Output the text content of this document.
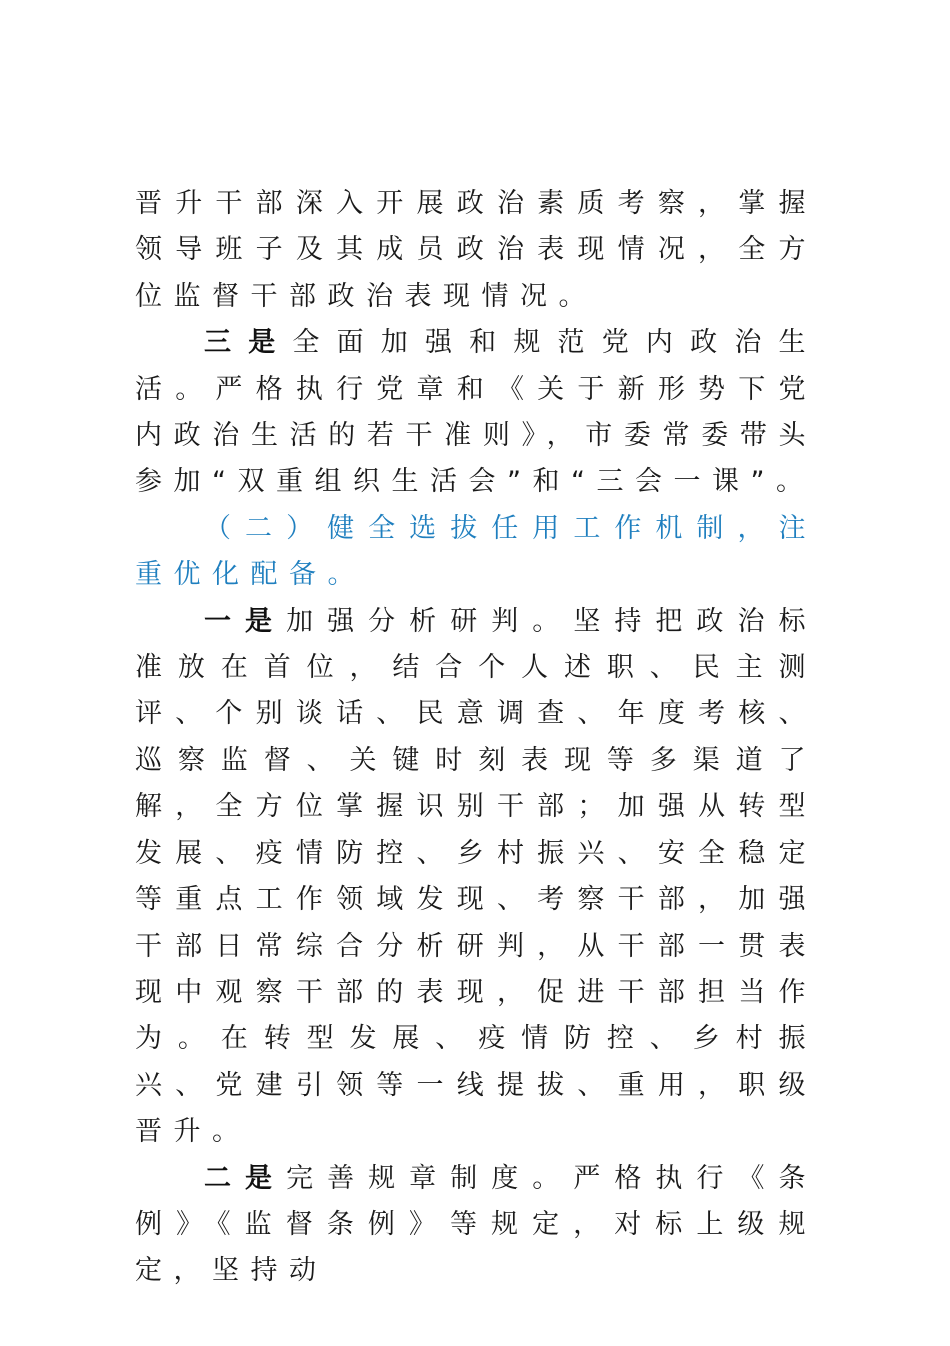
晋升干部深入开展政治素质考察，掌握领导班子及其成员政治表现情况，全方位监督干部政治表现情况。

三是全面加强和规范党内政治生活。严格执行党章和《关于新形势下党内政治生活的若干准则》，市委常委带头参加“双重组织生活会”和“三会一课”。

（二）健全选拔任用工作机制，注重优化配备。

一是加强分析研判。坚持把政治标准放在首位，结合个人述职、民主测评、个别谈话、民意调查、年度考核、巡察监督、关键时刻表现等多渠道了解，全方位掌握识别干部；加强从转型发展、疫情防控、乡村振兴、安全稳定等重点工作领域发现、考察干部，加强干部日常综合分析研判，从干部一贯表现中观察干部的表现，促进干部担当作为。在转型发展、疫情防控、乡村振兴、党建引领等一线提拔、重用，职级晋升。

二是完善规章制度。严格执行《条例》《监督条例》等规定，对标上级规定，坚持动
